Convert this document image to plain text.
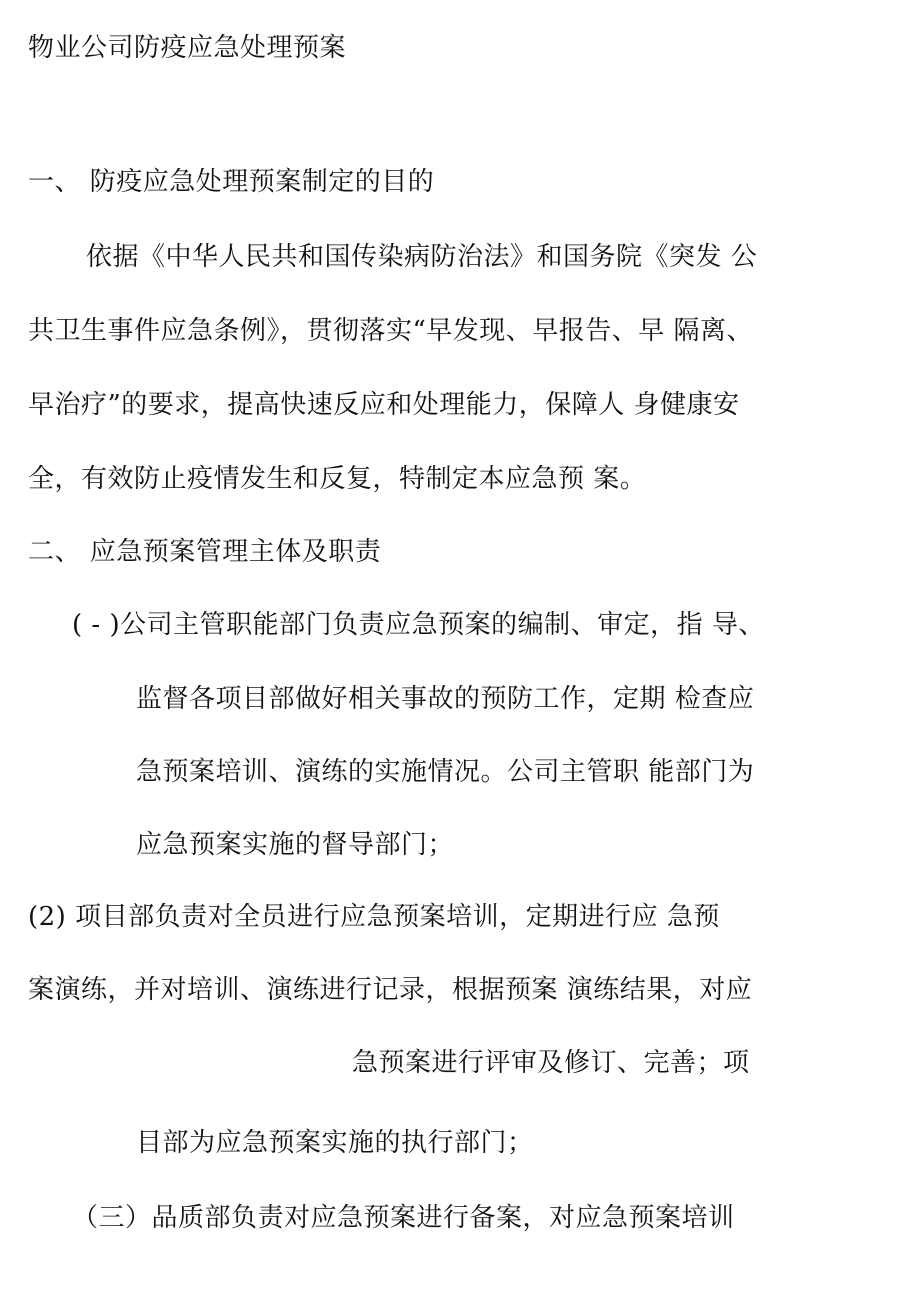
物业公司防疫应急处理预案
一、 防疫应急处理预案制定的目的
依据《中华人民共和国传染病防治法》和国务院《突发 公
共卫生事件应急条例》，贯彻落实“早发现、早报告、早 隔离、
早治疗”的要求，提高快速反应和处理能力，保障人 身健康安
全，有效防止疫情发生和反复，特制定本应急预 案。
二、 应急预案管理主体及职责
( - )公司主管职能部门负责应急预案的编制、审定，指 导、
监督各项目部做好相关事故的预防工作，定期 检查应
急预案培训、演练的实施情况。公司主管职 能部门为
应急预案实施的督导部门；
(2) 项目部负责对全员进行应急预案培训，定期进行应 急预
案演练，并对培训、演练进行记录，根据预案 演练结果，对应
急预案进行评审及修订、完善；项
目部为应急预案实施的执行部门；
（三）品质部负责对应急预案进行备案，对应急预案培训
